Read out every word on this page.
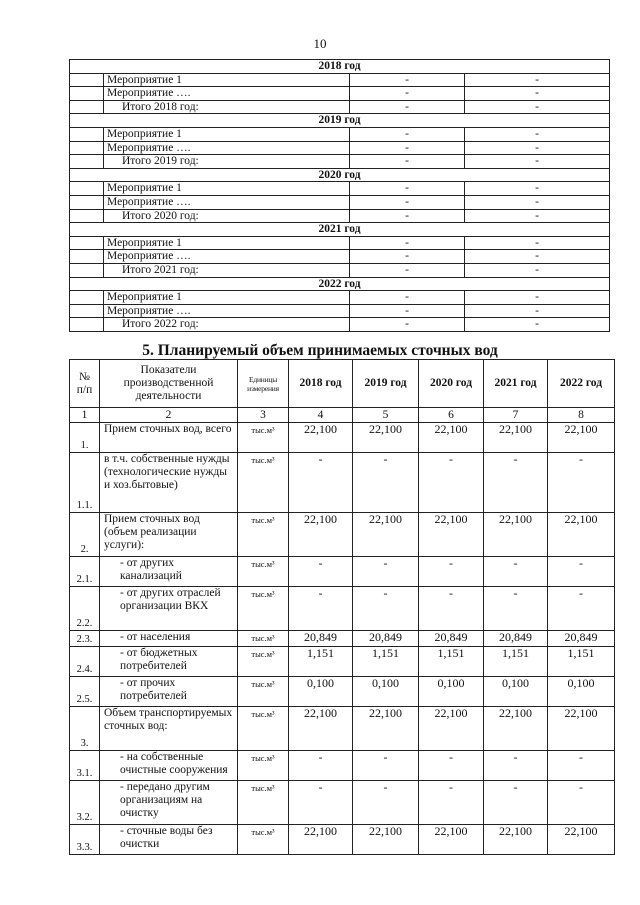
10
2018 год			
	Мероприятие 1	-	-
	Мероприятие ….	-	-
	Итого 2018 год:	-	-
2019 год			
	Мероприятие 1	-	-
	Мероприятие ….	-	-
	Итого 2019 год:	-	-
2020 год			
	Мероприятие 1	-	-
	Мероприятие ….	-	-
	Итого 2020 год:	-	-
2021 год			
	Мероприятие 1	-	-
	Мероприятие ….	-	-
	Итого 2021 год:	-	-
2022 год			
	Мероприятие 1	-	-
	Мероприятие ….	-	-
	Итого 2022 год:	-	-
5. Планируемый объем принимаемых сточных вод
№ п/п	Показатели производственной деятельности	Единицы измерения	2018 год	2019 год	2020 год	2021 год	2022 год
1	2	3	4	5	6	7	8
1.	Прием сточных вод, всего	тыс.м³	22,100	22,100	22,100	22,100	22,100
1.1.	в т.ч. собственные нужды (технологические нужды и хоз.бытовые)	тыс.м³	-	-	-	-	-
2.	Прием сточных вод (объем реализации услуги):	тыс.м³	22,100	22,100	22,100	22,100	22,100
2.1.	- от других канализаций	тыс.м³	-	-	-	-	-
2.2.	- от других отраслей организации ВКХ	тыс.м³	-	-	-	-	-
2.3.	- от населения	тыс.м³	20,849	20,849	20,849	20,849	20,849
2.4.	- от бюджетных потребителей	тыс.м³	1,151	1,151	1,151	1,151	1,151
2.5.	- от прочих потребителей	тыс.м³	0,100	0,100	0,100	0,100	0,100
3.	Объем транспортируемых сточных вод:	тыс.м³	22,100	22,100	22,100	22,100	22,100
3.1.	- на собственные очистные сооружения	тыс.м³	-	-	-	-	-
3.2.	- передано другим организациям на очистку	тыс.м³	-	-	-	-	-
3.3.	- сточные воды без очистки	тыс.м³	22,100	22,100	22,100	22,100	22,100
